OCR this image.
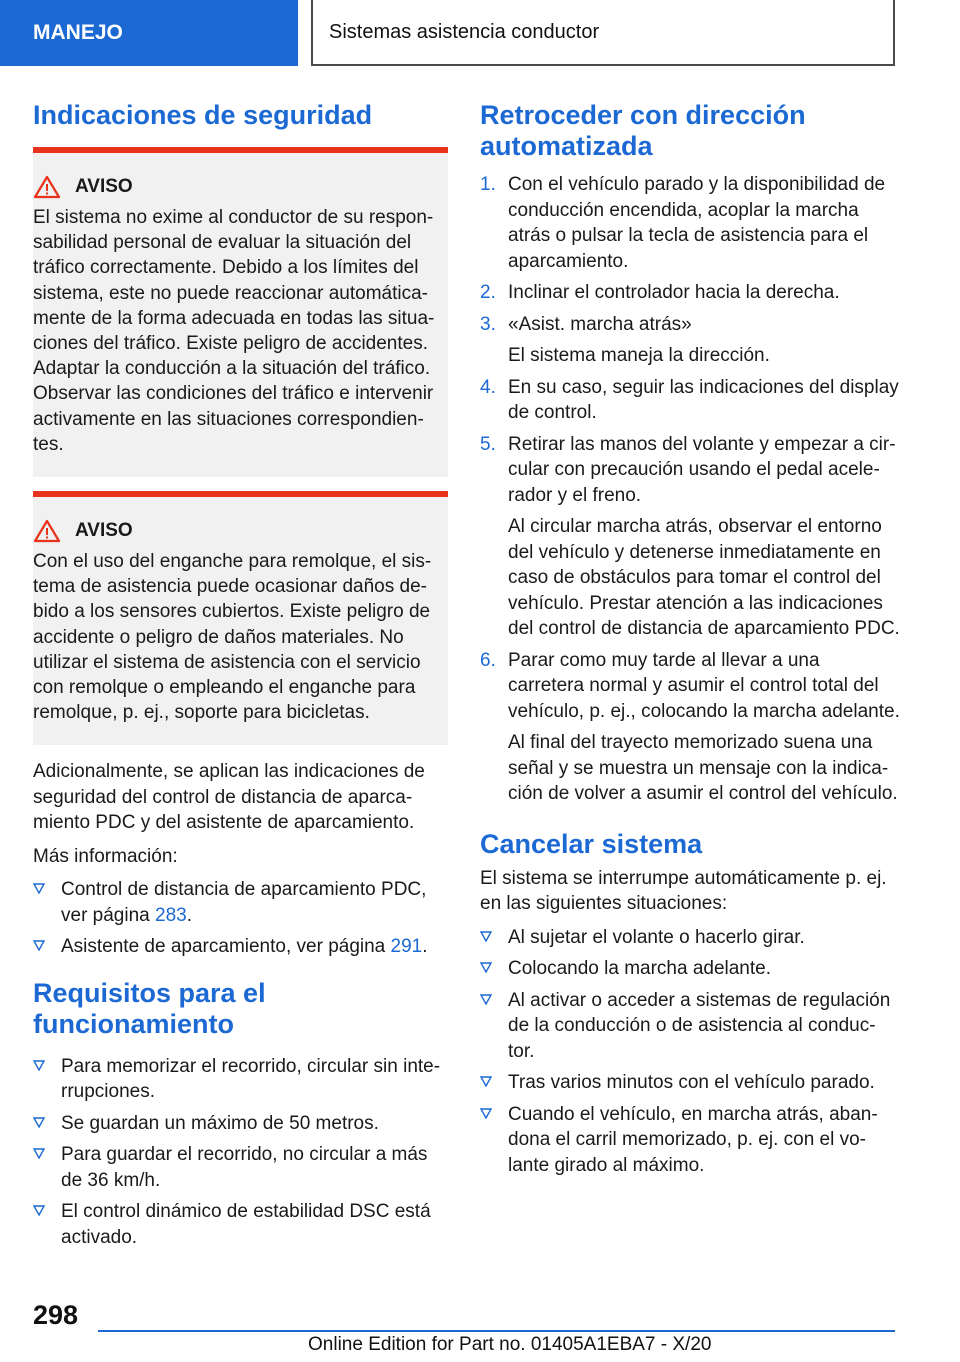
MANEJO	Sistemas asistencia conductor
Indicaciones de seguridad
AVISO
El sistema no exime al conductor de su respon-sabilidad personal de evaluar la situación del tráfico correctamente. Debido a los límites del sistema, este no puede reaccionar automática-mente de la forma adecuada en todas las situa-ciones del tráfico. Existe peligro de accidentes. Adaptar la conducción a la situación del tráfico. Observar las condiciones del tráfico e intervenir activamente en las situaciones correspondien-tes.
AVISO
Con el uso del enganche para remolque, el sis-tema de asistencia puede ocasionar daños de-bido a los sensores cubiertos. Existe peligro de accidente o peligro de daños materiales. No utilizar el sistema de asistencia con el servicio con remolque o empleando el enganche para remolque, p. ej., soporte para bicicletas.

Adicionalmente, se aplican las indicaciones de seguridad del control de distancia de aparca-miento PDC y del asistente de aparcamiento.

Más información:

Control de distancia de aparcamiento PDC, ver página 283.
Asistente de aparcamiento, ver página 291.
Requisitos para el funcionamiento
Para memorizar el recorrido, circular sin inte-rrupciones.
Se guardan un máximo de 50 metros.
Para guardar el recorrido, no circular a más de 36 km/h.
El control dinámico de estabilidad DSC está activado.
Retroceder con dirección automatizada
1. Con el vehículo parado y la disponibilidad de conducción encendida, acoplar la marcha atrás o pulsar la tecla de asistencia para el aparcamiento.
2. Inclinar el controlador hacia la derecha.
3. «Asist. marcha atrás»
El sistema maneja la dirección.
4. En su caso, seguir las indicaciones del display de control.
5. Retirar las manos del volante y empezar a cir-cular con precaución usando el pedal acele-rador y el freno.
Al circular marcha atrás, observar el entorno del vehículo y detenerse inmediatamente en caso de obstáculos para tomar el control del vehículo. Prestar atención a las indicaciones del control de distancia de aparcamiento PDC.
6. Parar como muy tarde al llevar a una carretera normal y asumir el control total del vehículo, p. ej., colocando la marcha adelante.
Al final del trayecto memorizado suena una señal y se muestra un mensaje con la indica-ción de volver a asumir el control del vehículo.
Cancelar sistema

El sistema se interrumpe automáticamente p. ej. en las siguientes situaciones:

Al sujetar el volante o hacerlo girar.
Colocando la marcha adelante.
Al activar o acceder a sistemas de regulación de la conducción o de asistencia al conduc-tor.
Tras varios minutos con el vehículo parado.
Cuando el vehículo, en marcha atrás, aban-dona el carril memorizado, p. ej. con el vo-lante girado al máximo.
298
Online Edition for Part no. 01405A1EBA7 - X/20
